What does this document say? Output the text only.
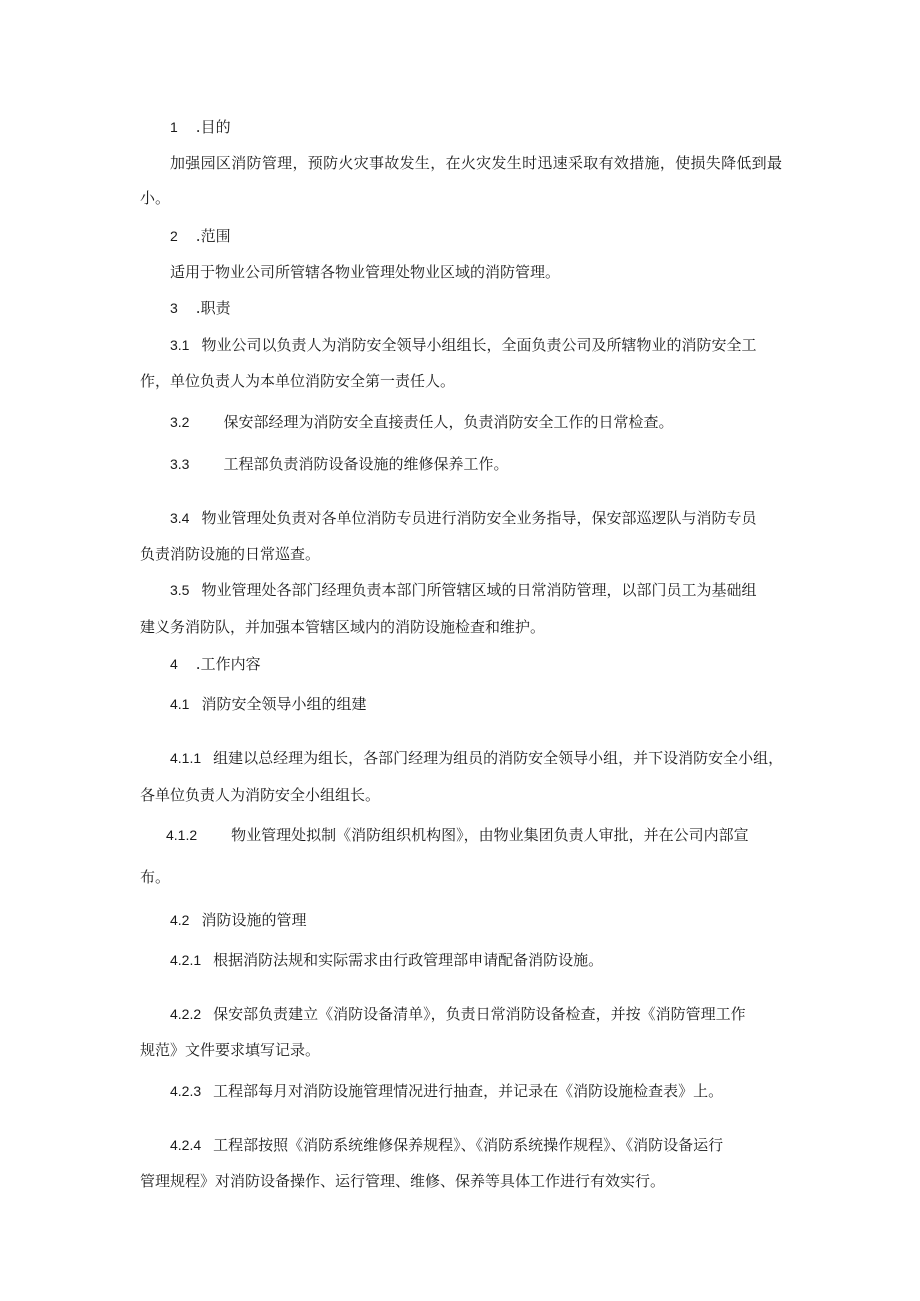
1 .目的
加强园区消防管理，预防火灾事故发生，在火灾发生时迅速采取有效措施，使损失降低到最
小。
2 .范围
适用于物业公司所管辖各物业管理处物业区域的消防管理。
3 .职责
3.1 物业公司以负责人为消防安全领导小组组长，全面负责公司及所辖物业的消防安全工
作，单位负责人为本单位消防安全第一责任人。
3.2 保安部经理为消防安全直接责任人，负责消防安全工作的日常检查。
3.3 工程部负责消防设备设施的维修保养工作。
3.4 物业管理处负责对各单位消防专员进行消防安全业务指导，保安部巡逻队与消防专员
负责消防设施的日常巡查。
3.5 物业管理处各部门经理负责本部门所管辖区域的日常消防管理，以部门员工为基础组
建义务消防队，并加强本管辖区域内的消防设施检查和维护。
4 .工作内容
4.1 消防安全领导小组的组建
4.1.1 组建以总经理为组长，各部门经理为组员的消防安全领导小组，并下设消防安全小组，
各单位负责人为消防安全小组组长。
4.1.2 物业管理处拟制《消防组织机构图》，由物业集团负责人审批，并在公司内部宣
布。
4.2 消防设施的管理
4.2.1 根据消防法规和实际需求由行政管理部申请配备消防设施。
4.2.2 保安部负责建立《消防设备清单》，负责日常消防设备检查，并按《消防管理工作
规范》文件要求填写记录。
4.2.3 工程部每月对消防设施管理情况进行抽查，并记录在《消防设施检查表》上。
4.2.4 工程部按照《消防系统维修保养规程》、《消防系统操作规程》、《消防设备运行
管理规程》对消防设备操作、运行管理、维修、保养等具体工作进行有效实行。
